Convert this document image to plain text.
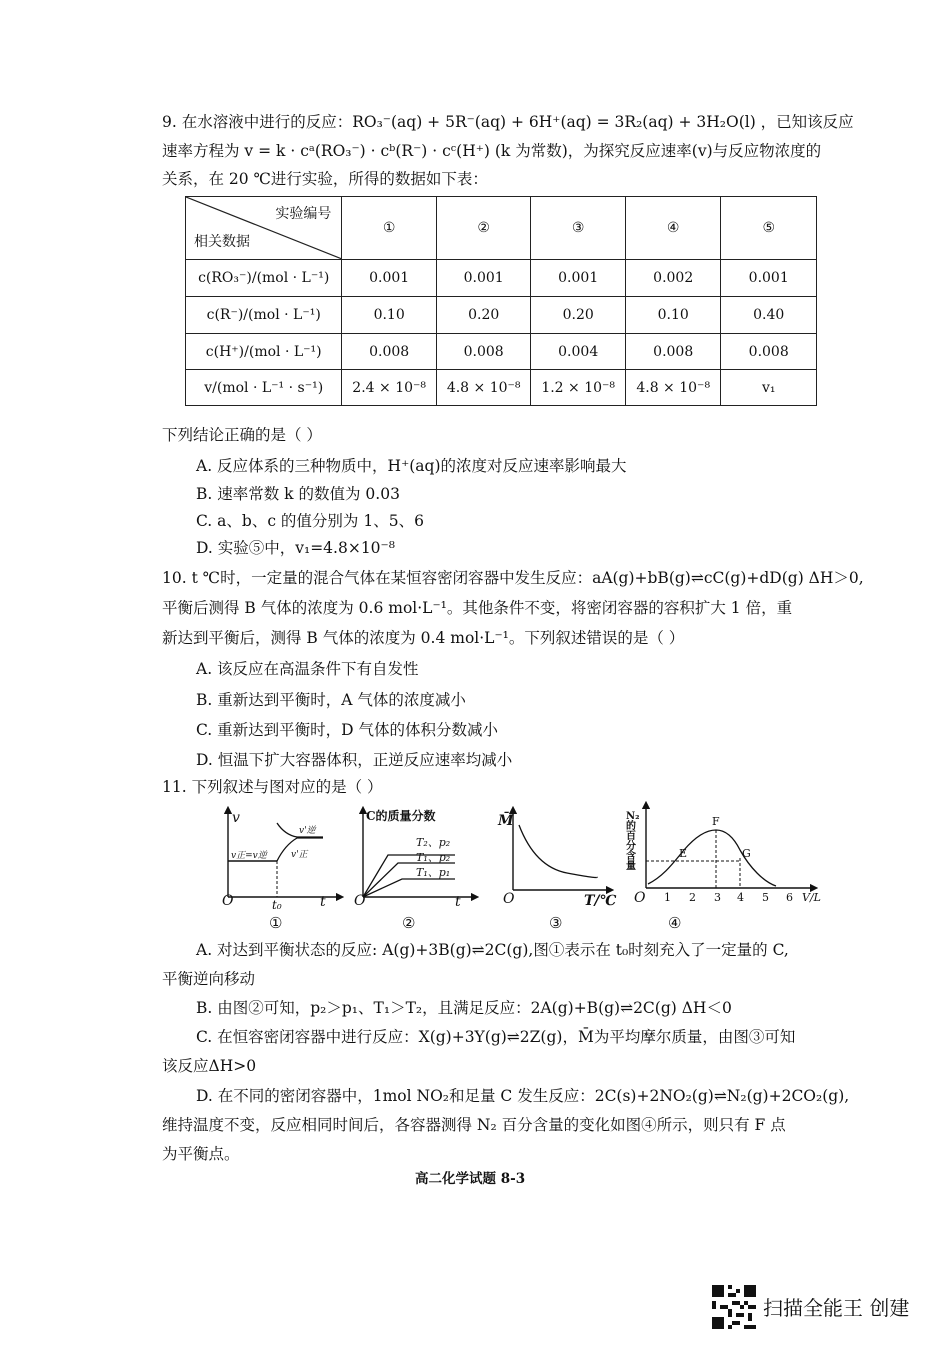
9. 在水溶液中进行的反应：RO₃⁻(aq) + 5R⁻(aq) + 6H⁺(aq) = 3R₂(aq) + 3H₂O(l) ，已知该反应
速率方程为 v = k · cᵃ(RO₃⁻) · cᵇ(R⁻) · cᶜ(H⁺) (k 为常数)，为探究反应速率(v)与反应物浓度的
关系，在 20 ℃进行实验，所得的数据如下表：
实验编号
相关数据	①	②	③	④	⑤
c(RO₃⁻)/(mol · L⁻¹)	0.001	0.001	0.001	0.002	0.001
c(R⁻)/(mol · L⁻¹)	0.10	0.20	0.20	0.10	0.40
c(H⁺)/(mol · L⁻¹)	0.008	0.008	0.004	0.008	0.008
v/(mol · L⁻¹ · s⁻¹)	2.4 × 10⁻⁸	4.8 × 10⁻⁸	1.2 × 10⁻⁸	4.8 × 10⁻⁸	v₁
下列结论正确的是（ ）
A. 反应体系的三种物质中，H⁺(aq)的浓度对反应速率影响最大
B. 速率常数 k 的数值为 0.03
C. a、b、c 的值分别为 1、5、6
D. 实验⑤中，v₁=4.8×10⁻⁸
10. t ℃时，一定量的混合气体在某恒容密闭容器中发生反应：aA(g)+bB(g)⇌cC(g)+dD(g) ΔH＞0,
平衡后测得 B 气体的浓度为 0.6 mol·L⁻¹。其他条件不变，将密闭容器的容积扩大 1 倍，重
新达到平衡后，测得 B 气体的浓度为 0.4 mol·L⁻¹。下列叙述错误的是（ ）
A. 该反应在高温条件下有自发性
B. 重新达到平衡时，A 气体的浓度减小
C. 重新达到平衡时，D 气体的体积分数减小
D. 恒温下扩大容器体积，正逆反应速率均减小
11. 下列叙述与图对应的是（ ）
v
v正=v逆
v'逆
v'正
O	t₀	t
①
C的质量分数
T₂、p₂
T₁、p₂
T₁、p₁
O	t
②
M̄
O	T/℃
③
N₂的百分含量
F
E	G
O 1 2 3 4 5 6 V/L
④
A. 对达到平衡状态的反应: A(g)+3B(g)⇌2C(g),图①表示在 t₀时刻充入了一定量的 C,
平衡逆向移动
B. 由图②可知，p₂＞p₁、T₁＞T₂，且满足反应：2A(g)+B(g)⇌2C(g) ΔH＜0
C. 在恒容密闭容器中进行反应：X(g)+3Y(g)⇌2Z(g)，M̄为平均摩尔质量，由图③可知
该反应ΔH>0
D. 在不同的密闭容器中，1mol NO₂和足量 C 发生反应：2C(s)+2NO₂(g)⇌N₂(g)+2CO₂(g),
维持温度不变，反应相同时间后，各容器测得 N₂ 百分含量的变化如图④所示，则只有 F 点
为平衡点。
高二化学试题 8-3
扫描全能王 创建
